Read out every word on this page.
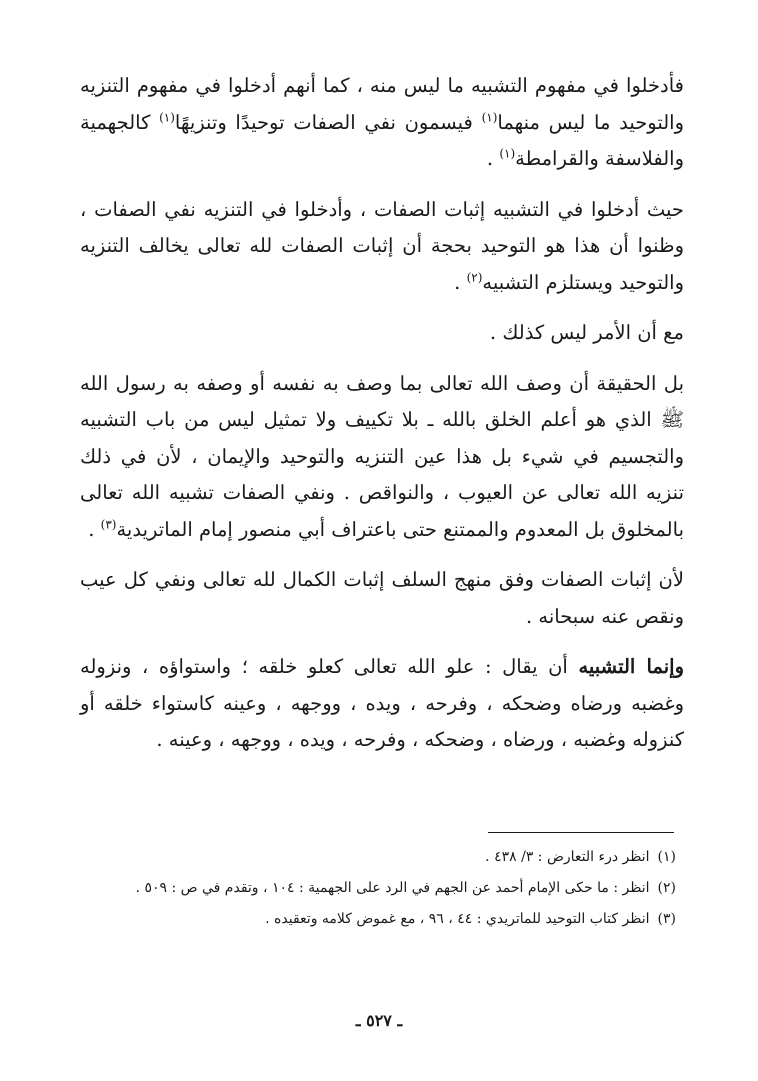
فأدخلوا في مفهوم التشبيه ما ليس منه ، كما أنهم أدخلوا في مفهوم التنزيه والتوحيد ما ليس منهما$^{(١)}$ فيسمون نفي الصفات توحيدًا وتنزيهًا$^{(١)}$ كالجهمية والفلاسفة والقرامطة$^{(١)}$ .

حيث أدخلوا في التشبيه إثبات الصفات ، وأدخلوا في التنزيه نفي الصفات ، وظنوا أن هذا هو التوحيد بحجة أن إثبات الصفات لله تعالى يخالف التنزيه والتوحيد ويستلزم التشبيه$^{(٢)}$ .

مع أن الأمر ليس كذلك .

بل الحقيقة أن وصف الله تعالى بما وصف به نفسه أو وصفه به رسول الله ﷺ الذي هو أعلم الخلق بالله ـ بلا تكييف ولا تمثيل ليس من باب التشبيه والتجسيم في شيء بل هذا عين التنزيه والتوحيد والإيمان ، لأن في ذلك تنزيه الله تعالى عن العيوب ، والنواقص . ونفي الصفات تشبيه الله تعالى بالمخلوق بل المعدوم والممتنع حتى باعتراف أبي منصور إمام الماتريدية$^{(٣)}$ .

لأن إثبات الصفات وفق منهج السلف إثبات الكمال لله تعالى ونفي كل عيب ونقص عنه سبحانه .

وإنما التشبيه أن يقال : علو الله تعالى كعلو خلقه ؛ واستواؤه ، ونزوله وغضبه ورضاه وضحكه ، وفرحه ، ويده ، ووجهه ، وعينه كاستواء خلقه أو كنزوله وغضبه ، ورضاه ، وضحكه ، وفرحه ، ويده ، ووجهه ، وعينه .

(١)
انظر درء التعارض : ٣/ ٤٣٨ .
(٢)
انظر : ما حكى الإمام أحمد عن الجهم في الرد على الجهمية : ١٠٤ ، وتقدم في ص : ٥٠٩ .
(٣)
انظر كتاب التوحيد للماتريدي : ٤٤ ، ٩٦ ، مع غموض كلامه وتعقيده .
ـ ٥٢٧ ـ
